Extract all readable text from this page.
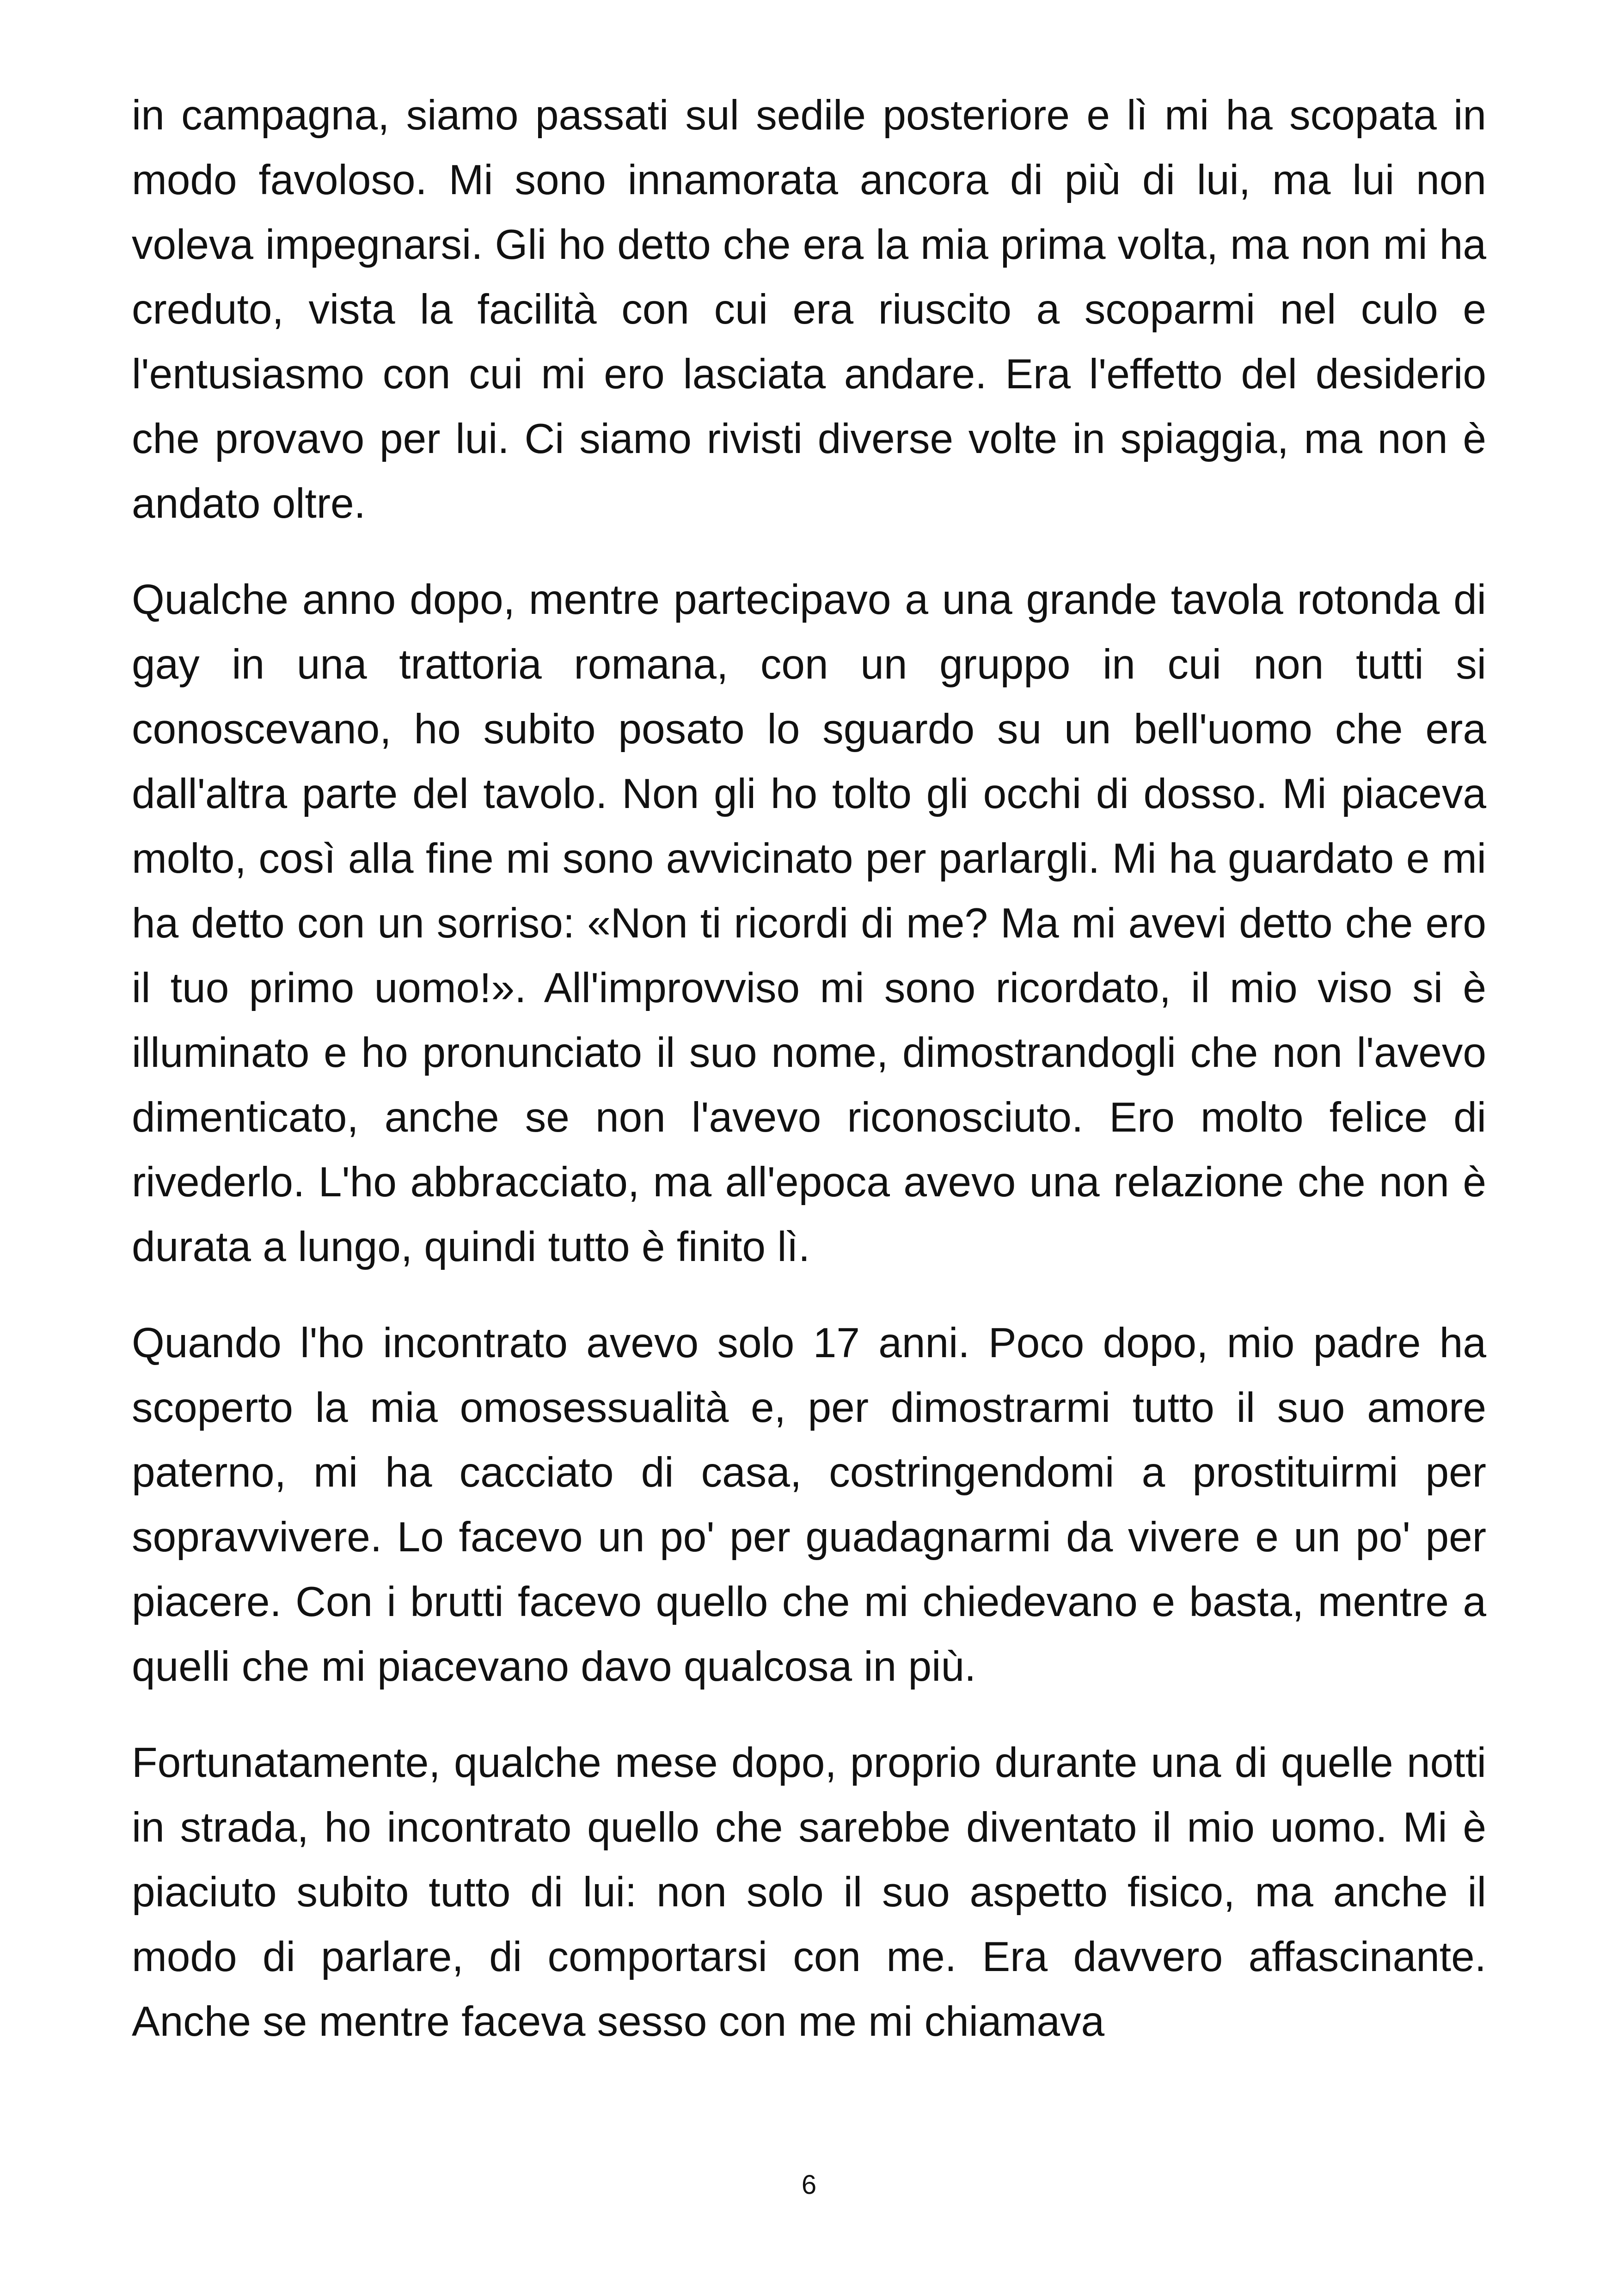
in campagna, siamo passati sul sedile posteriore e lì mi ha scopata in modo favoloso. Mi sono innamorata ancora di più di lui, ma lui non voleva impegnarsi. Gli ho detto che era la mia prima volta, ma non mi ha creduto, vista la facilità con cui era riuscito a scoparmi nel culo e l'entusiasmo con cui mi ero lasciata andare. Era l'effetto del desiderio che provavo per lui. Ci siamo rivisti diverse volte in spiaggia, ma non è andato oltre.

Qualche anno dopo, mentre partecipavo a una grande tavola rotonda di gay in una trattoria romana, con un gruppo in cui non tutti si conoscevano, ho subito posato lo sguardo su un bell'uomo che era dall'altra parte del tavolo. Non gli ho tolto gli occhi di dosso. Mi piaceva molto, così alla fine mi sono avvicinato per parlargli. Mi ha guardato e mi ha detto con un sorriso: «Non ti ricordi di me? Ma mi avevi detto che ero il tuo primo uomo!». All'improvviso mi sono ricordato, il mio viso si è illuminato e ho pronunciato il suo nome, dimostrandogli che non l'avevo dimenticato, anche se non l'avevo riconosciuto. Ero molto felice di rivederlo. L'ho abbracciato, ma all'epoca avevo una relazione che non è durata a lungo, quindi tutto è finito lì.

Quando l'ho incontrato avevo solo 17 anni. Poco dopo, mio padre ha scoperto la mia omosessualità e, per dimostrarmi tutto il suo amore paterno, mi ha cacciato di casa, costringendomi a prostituirmi per sopravvivere. Lo facevo un po' per guadagnarmi da vivere e un po' per piacere. Con i brutti facevo quello che mi chiedevano e basta, mentre a quelli che mi piacevano davo qualcosa in più.

Fortunatamente, qualche mese dopo, proprio durante una di quelle notti in strada, ho incontrato quello che sarebbe diventato il mio uomo. Mi è piaciuto subito tutto di lui: non solo il suo aspetto fisico, ma anche il modo di parlare, di comportarsi con me. Era davvero affascinante. Anche se mentre faceva sesso con me mi chiamava

6
